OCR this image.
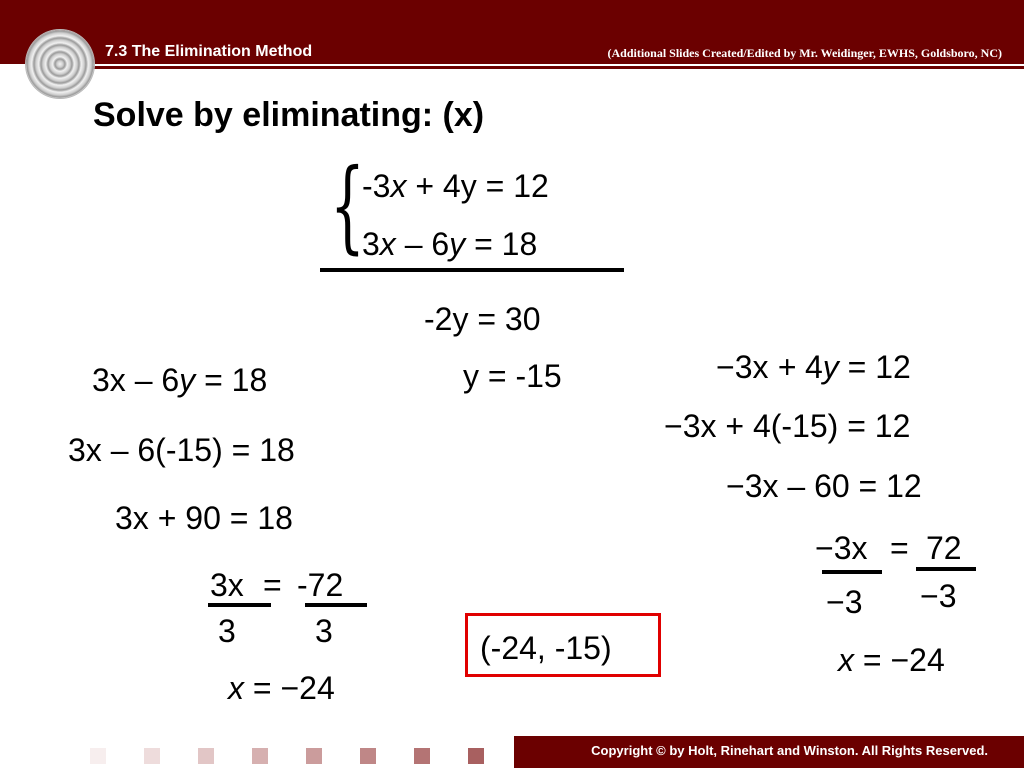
7.3 The Elimination Method	(Additional Slides Created/Edited by Mr. Weidinger, EWHS, Goldsboro, NC)
Solve by eliminating: (x)
{
-3x + 4y = 12
3x – 6y = 18
-2y = 30
y = -15
3x – 6y = 18
3x – 6(-15) = 18
3x + 90 = 18
3x = -72
3 3
x = −24
−3x + 4y = 12
−3x + 4(-15) = 12
−3x – 60 = 12
−3x = 72
−3 −3
x = −24
(-24, -15)
Copyright © by Holt, Rinehart and Winston. All Rights Reserved.
